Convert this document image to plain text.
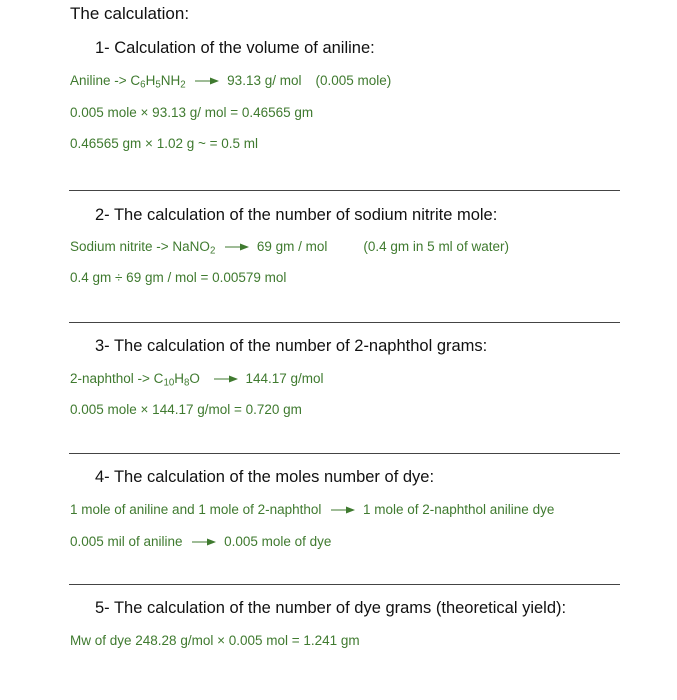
The calculation:
1- Calculation of the volume of aniline:
Aniline -> $C_6H_5NH_2$	93.13 g/ mol (0.005 mole)
0.005 mole × 93.13 g/ mol = 0.46565 gm
0.46565 gm × 1.02 g ~ = 0.5 ml
2- The calculation of the number of sodium nitrite mole:
Sodium nitrite -> NaNO$_2$	69 gm / mol	(0.4 gm in 5 ml of water)
0.4 gm ÷ 69 gm / mol = 0.00579 mol
3- The calculation of the number of 2-naphthol grams:
2-naphthol -> $C_{10}H_8O$	144.17 g/mol
0.005 mole × 144.17 g/mol = 0.720 gm
4- The calculation of the moles number of dye:
1 mole of aniline and 1 mole of 2-naphthol	1 mole of 2-naphthol aniline dye
0.005 mil of aniline	0.005 mole of dye
5- The calculation of the number of dye grams (theoretical yield):
Mw of dye 248.28 g/mol × 0.005 mol = 1.241 gm
